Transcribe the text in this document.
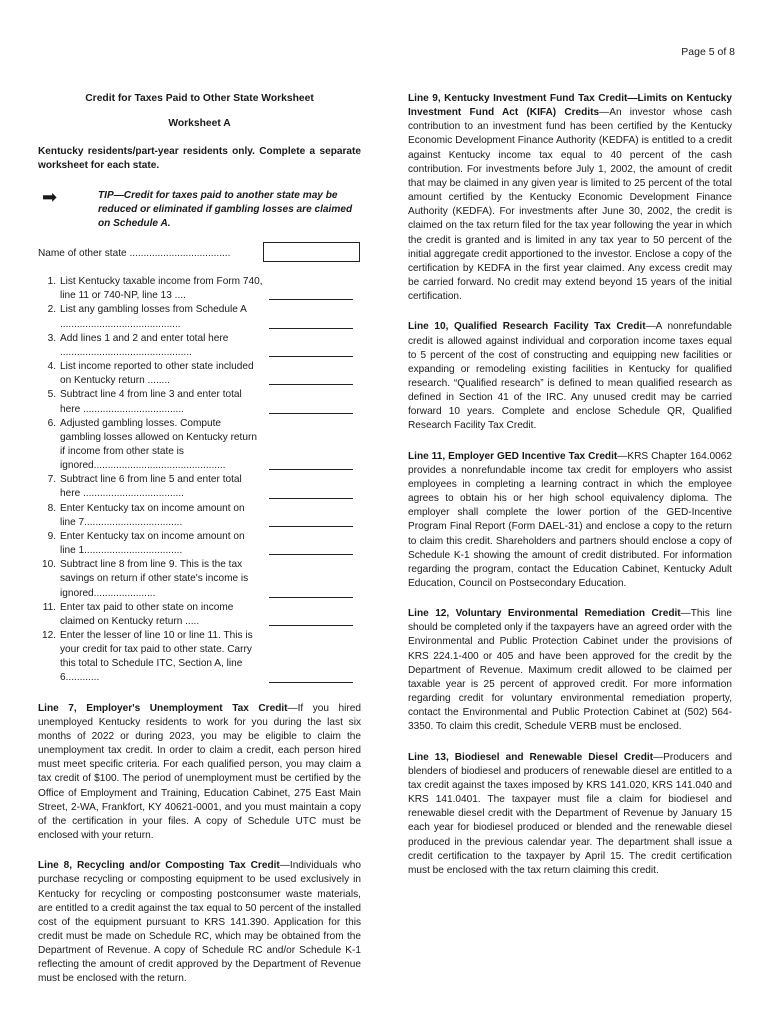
Page 5 of 8

Credit for Taxes Paid to Other State Worksheet

Worksheet A

Kentucky residents/part-year residents only. Complete a separate worksheet for each state.

➡	TIP—Credit for taxes paid to another state may be reduced or eliminated if gambling losses are claimed on Schedule A.

Name of other state ....................................
1. List Kentucky taxable income from Form 740, line 11 or 740-NP, line 13 ....
2. List any gambling losses from Schedule A ...........................................
3. Add lines 1 and 2 and enter total here ...............................................
4. List income reported to other state included on Kentucky return ........
5. Subtract line 4 from line 3 and enter total here ....................................
6. Adjusted gambling losses. Compute gambling losses allowed on Kentucky return if income from other state is ignored...............................................
7. Subtract line 6 from line 5 and enter total here ....................................
8. Enter Kentucky tax on income amount on line 7...................................
9. Enter Kentucky tax on income amount on line 1...................................
10. Subtract line 8 from line 9. This is the tax savings on return if other state's income is ignored......................
11. Enter tax paid to other state on income claimed on Kentucky return .....
12. Enter the lesser of line 10 or line 11. This is your credit for tax paid to other state. Carry this total to Schedule ITC, Section A, line 6............

Line 7, Employer's Unemployment Tax Credit—If you hired unemployed Kentucky residents to work for you during the last six months of 2022 or during 2023, you may be eligible to claim the unemployment tax credit. In order to claim a credit, each person hired must meet specific criteria. For each qualified person, you may claim a tax credit of $100. The period of unemployment must be certified by the Office of Employment and Training, Education Cabinet, 275 East Main Street, 2-WA, Frankfort, KY 40621-0001, and you must maintain a copy of the certification in your files. A copy of Schedule UTC must be enclosed with your return.

Line 8, Recycling and/or Composting Tax Credit—Individuals who purchase recycling or composting equipment to be used exclusively in Kentucky for recycling or composting postconsumer waste materials, are entitled to a credit against the tax equal to 50 percent of the installed cost of the equipment pursuant to KRS 141.390. Application for this credit must be made on Schedule RC, which may be obtained from the Department of Revenue. A copy of Schedule RC and/or Schedule K-1 reflecting the amount of credit approved by the Department of Revenue must be enclosed with the return.

Line 9, Kentucky Investment Fund Tax Credit—Limits on Kentucky Investment Fund Act (KIFA) Credits—An investor whose cash contribution to an investment fund has been certified by the Kentucky Economic Development Finance Authority (KEDFA) is entitled to a credit against Kentucky income tax equal to 40 percent of the cash contribution. For investments before July 1, 2002, the amount of credit that may be claimed in any given year is limited to 25 percent of the total amount certified by the Kentucky Economic Development Finance Authority (KEDFA). For investments after June 30, 2002, the credit is claimed on the tax return filed for the tax year following the year in which the credit is granted and is limited in any tax year to 50 percent of the initial aggregate credit apportioned to the investor. Enclose a copy of the certification by KEDFA in the first year claimed. Any excess credit may be carried forward. No credit may extend beyond 15 years of the initial certification.

Line 10, Qualified Research Facility Tax Credit—A nonrefundable credit is allowed against individual and corporation income taxes equal to 5 percent of the cost of constructing and equipping new facilities or expanding or remodeling existing facilities in Kentucky for qualified research. “Qualified research” is defined to mean qualified research as defined in Section 41 of the IRC. Any unused credit may be carried forward 10 years. Complete and enclose Schedule QR, Qualified Research Facility Tax Credit.

Line 11, Employer GED Incentive Tax Credit—KRS Chapter 164.0062 provides a nonrefundable income tax credit for employers who assist employees in completing a learning contract in which the employee agrees to obtain his or her high school equivalency diploma. The employer shall complete the lower portion of the GED-Incentive Program Final Report (Form DAEL-31) and enclose a copy to the return to claim this credit. Shareholders and partners should enclose a copy of Schedule K-1 showing the amount of credit distributed. For information regarding the program, contact the Education Cabinet, Kentucky Adult Education, Council on Postsecondary Education.

Line 12, Voluntary Environmental Remediation Credit—This line should be completed only if the taxpayers have an agreed order with the Environmental and Public Protection Cabinet under the provisions of KRS 224.1-400 or 405 and have been approved for the credit by the Department of Revenue. Maximum credit allowed to be claimed per taxable year is 25 percent of approved credit. For more information regarding credit for voluntary environmental remediation property, contact the Environmental and Public Protection Cabinet at (502) 564-3350. To claim this credit, Schedule VERB must be enclosed.

Line 13, Biodiesel and Renewable Diesel Credit—Producers and blenders of biodiesel and producers of renewable diesel are entitled to a tax credit against the taxes imposed by KRS 141.020, KRS 141.040 and KRS 141.0401. The taxpayer must file a claim for biodiesel and renewable diesel credit with the Department of Revenue by January 15 each year for biodiesel produced or blended and the renewable diesel produced in the previous calendar year. The department shall issue a credit certification to the taxpayer by April 15. The credit certification must be enclosed with the tax return claiming this credit.
